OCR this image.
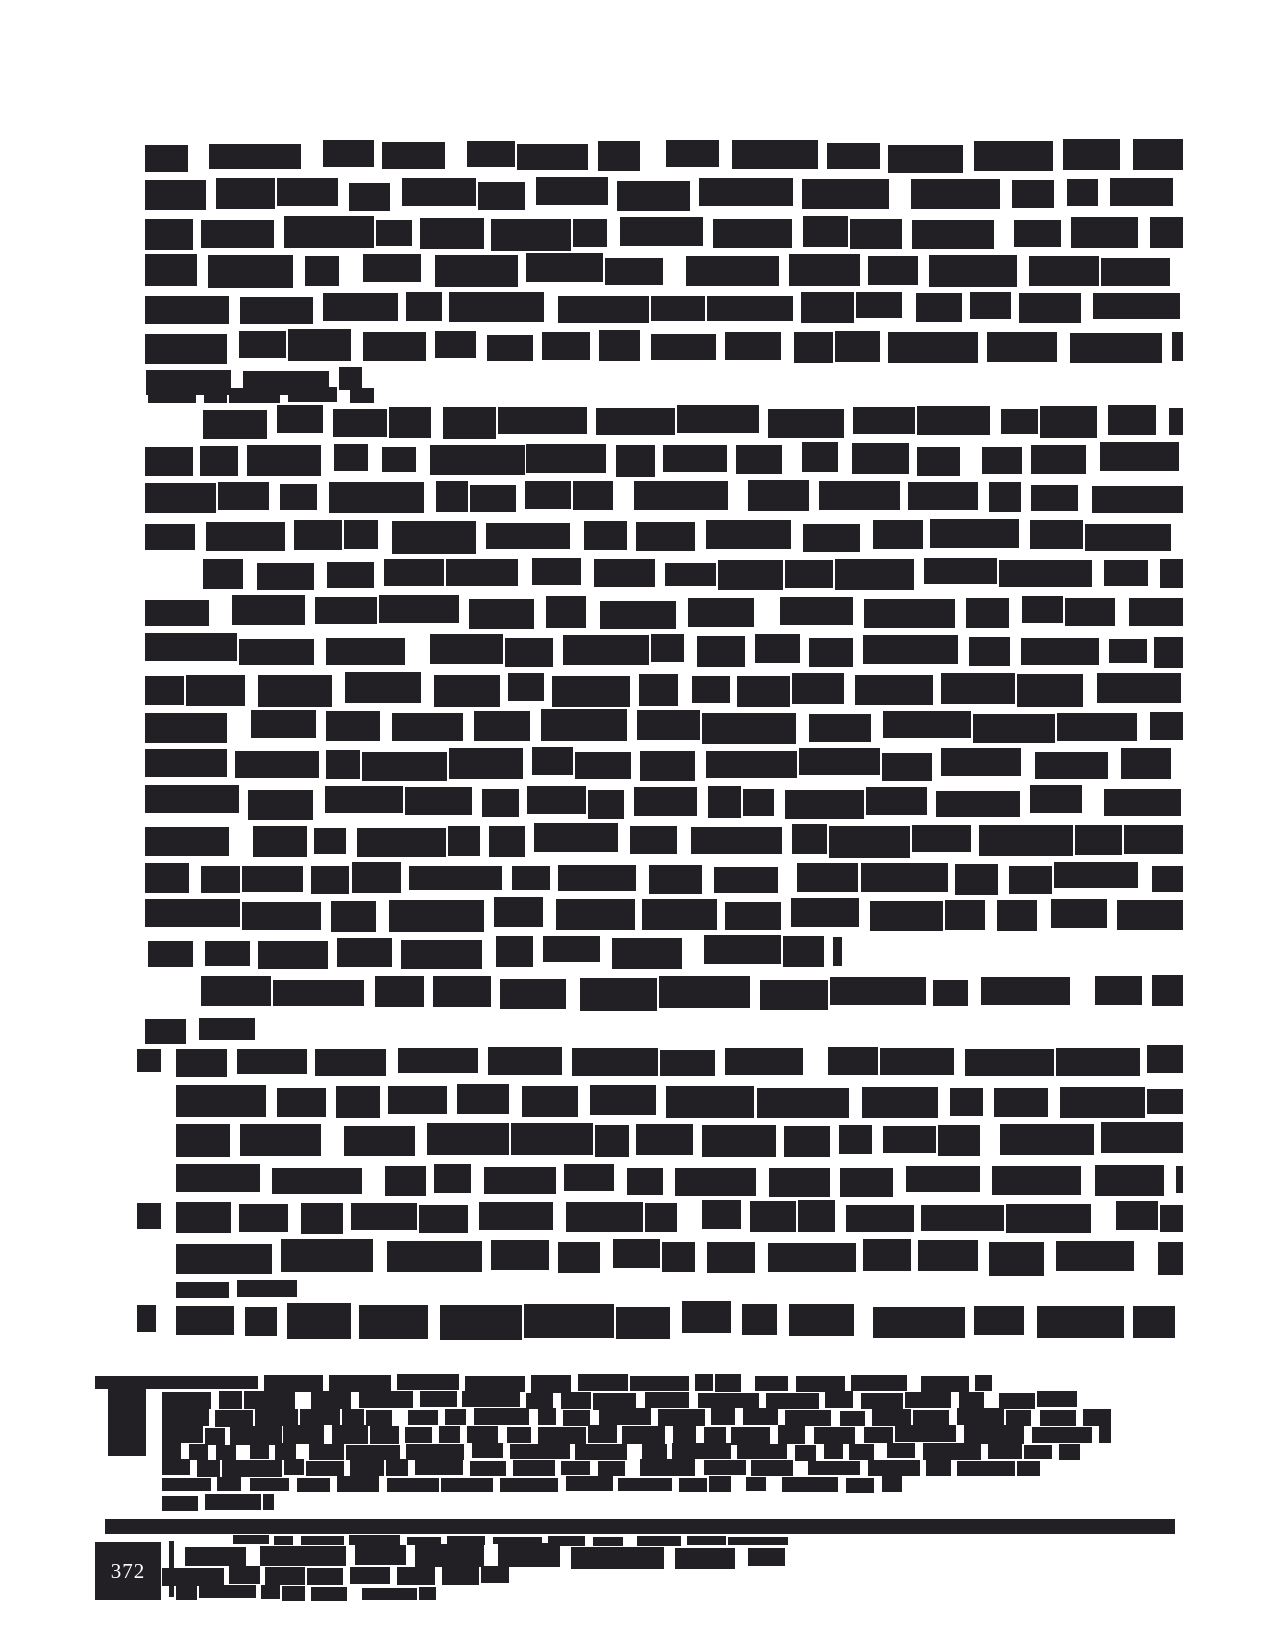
372
